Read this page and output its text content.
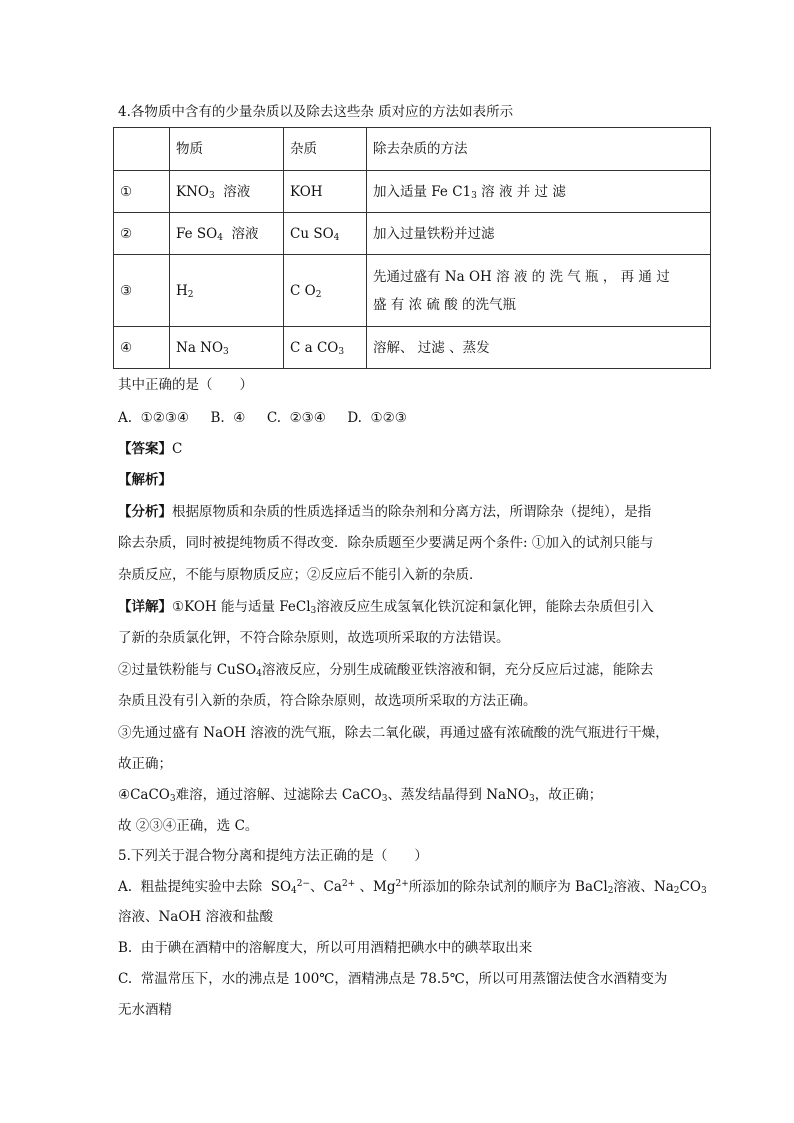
4.各物质中含有的少量杂质以及除去这些杂 质对应的方法如表所示
	物质	杂质	除去杂质的方法
①	$KNO_3$  溶液	KOH	加入适量 Fe $C1_3$ 溶 液 并 过 滤
②	Fe $SO_4$  溶液	Cu $SO_4$	加入过量铁粉并过滤
③	$H_2$	C $O_2$	先通过盛有 Na OH 溶 液 的 洗 气 瓶 ， 再 通 过
盛 有 浓 硫 酸 的洗气瓶

④	Na $NO_3$	C a $CO_3$	溶解、 过滤 、蒸发
其中正确的是（　　）
A.  ①②③④     B.  ④     C.  ②③④     D.  ①②③
【答案】C
【解析】
【分析】根据原物质和杂质的性质选择适当的除杂剂和分离方法，所谓除杂（提纯），是指
除去杂质，同时被提纯物质不得改变．除杂质题至少要满足两个条件: ①加入的试剂只能与
杂质反应，不能与原物质反应；②反应后不能引入新的杂质．
【详解】①KOH 能与适量 FeCl$_3$溶液反应生成氢氧化铁沉淀和氯化钾，能除去杂质但引入
了新的杂质氯化钾，不符合除杂原则，故选项所采取的方法错误。
②过量铁粉能与 CuSO$_4$溶液反应，分别生成硫酸亚铁溶液和铜，充分反应后过滤，能除去
杂质且没有引入新的杂质，符合除杂原则，故选项所采取的方法正确。
③先通过盛有 NaOH 溶液的洗气瓶，除去二氧化碳，再通过盛有浓硫酸的洗气瓶进行干燥，
故正确；
④CaCO$_3$难溶，通过溶解、过滤除去 CaCO$_3$、蒸发结晶得到 NaNO$_3$，故正确；
故 ②③④正确，选 C。
5.下列关于混合物分离和提纯方法正确的是（　　）
A.  粗盐提纯实验中去除  $SO_4^{2-}$、$Ca^{2+}$ 、$Mg^{2+}$所添加的除杂试剂的顺序为 BaCl$_2$溶液、$Na_2CO_3$
溶液、NaOH 溶液和盐酸
B.  由于碘在酒精中的溶解度大，所以可用酒精把碘水中的碘萃取出来
C.  常温常压下，水的沸点是 100℃，酒精沸点是 78.5℃，所以可用蒸馏法使含水酒精变为
无水酒精
